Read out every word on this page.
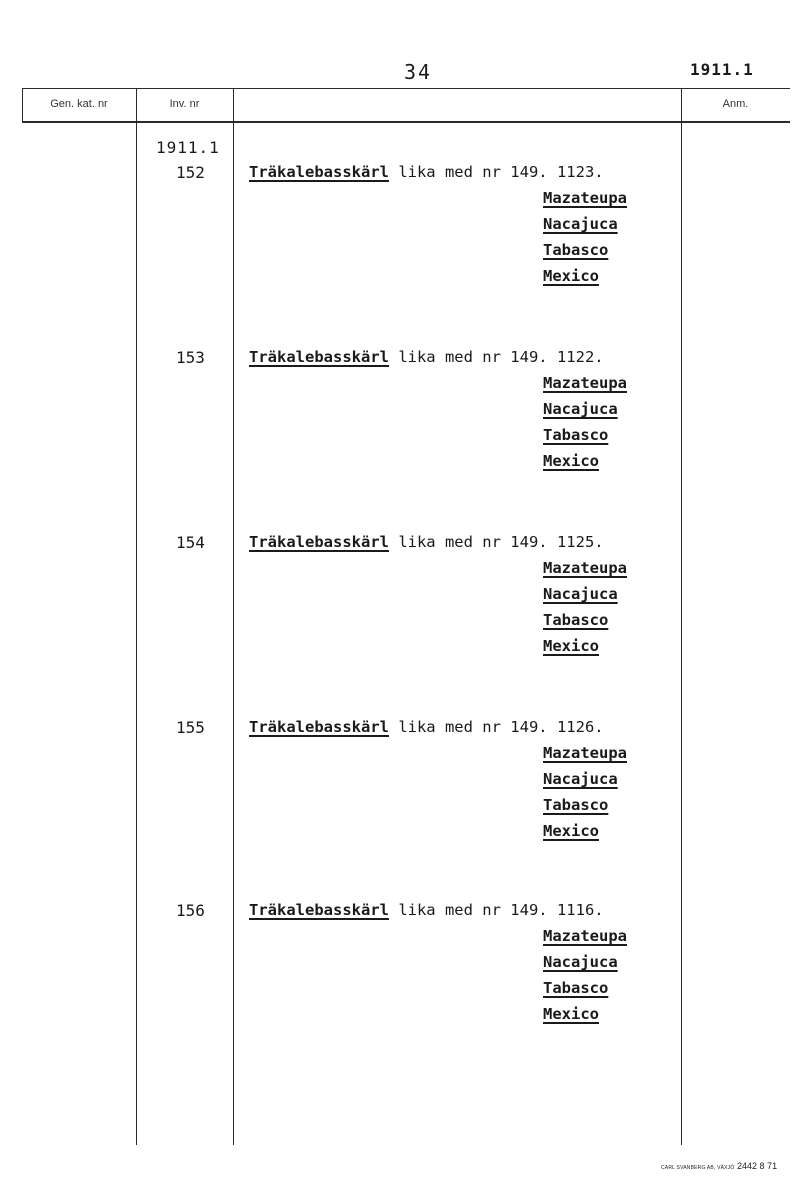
34	1911.1
Gen. kat. nr	Inv. nr	Anm.
1911.1
152	Träkalebasskärl lika med nr 149. 1123.
Mazateupa
Nacajuca
Tabasco
Mexico
153	Träkalebasskärl lika med nr 149. 1122.
Mazateupa
Nacajuca
Tabasco
Mexico
154	Träkalebasskärl lika med nr 149. 1125.
Mazateupa
Nacajuca
Tabasco
Mexico
155	Träkalebasskärl lika med nr 149. 1126.
Mazateupa
Nacajuca
Tabasco
Mexico
156	Träkalebasskärl lika med nr 149. 1116.
Mazateupa
Nacajuca
Tabasco
Mexico
CARL SVANBERG AB, VÄXJÖ 2442 8 71
